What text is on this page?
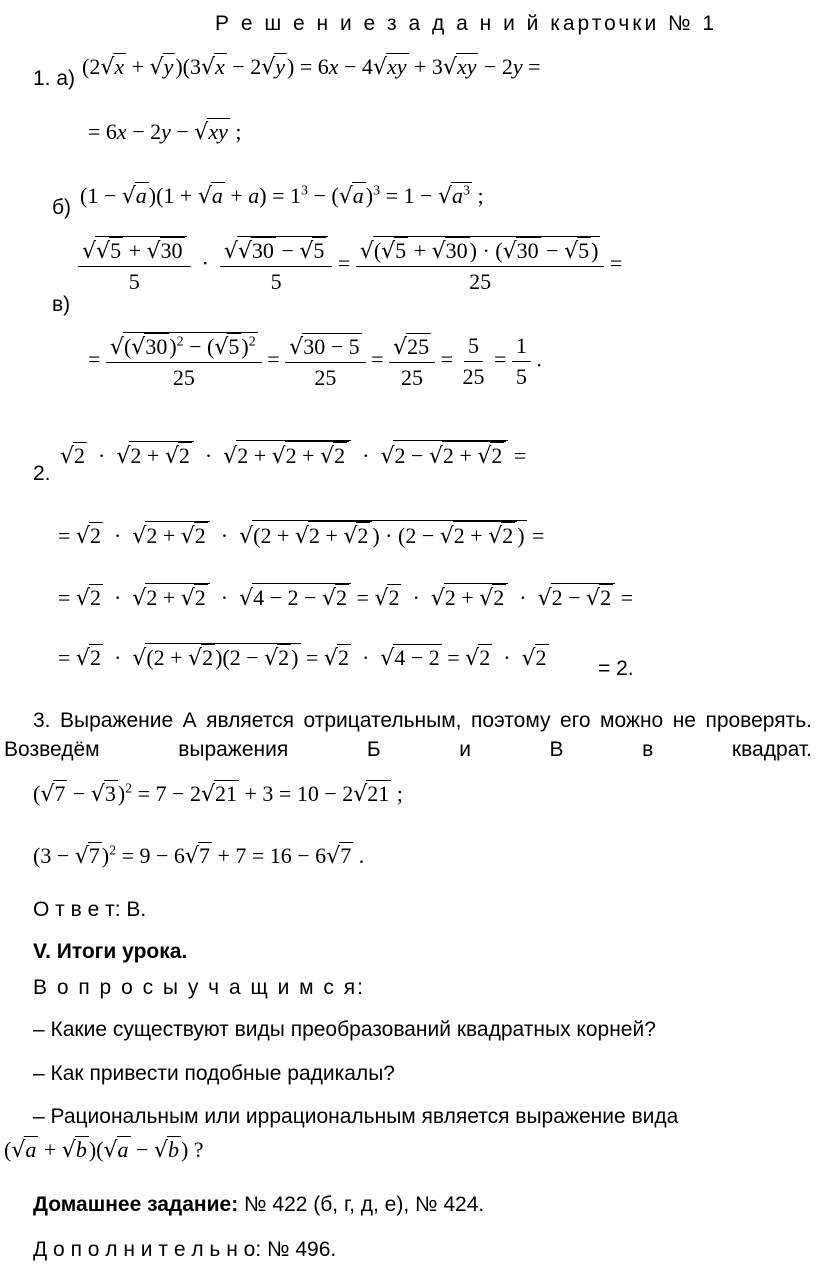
Р е ш е н и е з а д а н и й карточки № 1
1. а) (2√x + √y)(3√x − 2√y) = 6x − 4√xy + 3√xy − 2y =
= 6x − 2y − √xy ;
б) $(1 - √a)(1 + √a + a) = 1^3 - (√a)^3 = 1 - √a^3$ ;
в)
$\frac{√√5 + √30}{5} \cdot \frac{√√30 - √5}{5} = \frac{√(√5 + √30) \cdot (√30 - √5)}{25}$ =
= $\frac{√(√30)^2 - (√5)^2}{25} = \frac{√30 - 5}{25} = \frac{√25}{25} = \frac{5}{25} = \frac{1}{5}$ .
2.
√2  ·  √2 + √2  ·  √2 + √2 + √2  ·  √2 − √2 + √2 =
= √2  ·  √2 + √2  ·  √(2 + √2 + √2 ) · (2 − √2 + √2 ) =
= √2  ·  √2 + √2  ·  √4 − 2 − √2 = √2  ·  √2 + √2  ·  √2 − √2 =
= √2  ·  √(2 + √2)(2 − √2) = √2  ·  √4 − 2 = √2  ·  √2 = 2.
3. Выражение А является отрицательным, поэтому его можно не проверять. Возведём выражения Б и В в квадрат.
$(√7 - √3)^2 = 7 - 2√21 + 3 = 10 - 2√21$ ;
$(3 - √7)^2 = 9 - 6√7 + 7 = 16 - 6√7$ .
О т в е т: В.
V. Итоги урока.
В о п р о с ы у ч а щ и м с я:
– Какие существуют виды преобразований квадратных корней?
– Как привести подобные радикалы?
– Рациональным или иррациональным является выражение вида
(√a + √b)(√a − √b) ?
Домашнее задание: № 422 (б, г, д, е), № 424.
Д о п о л н и т е л ь н о: № 496.
